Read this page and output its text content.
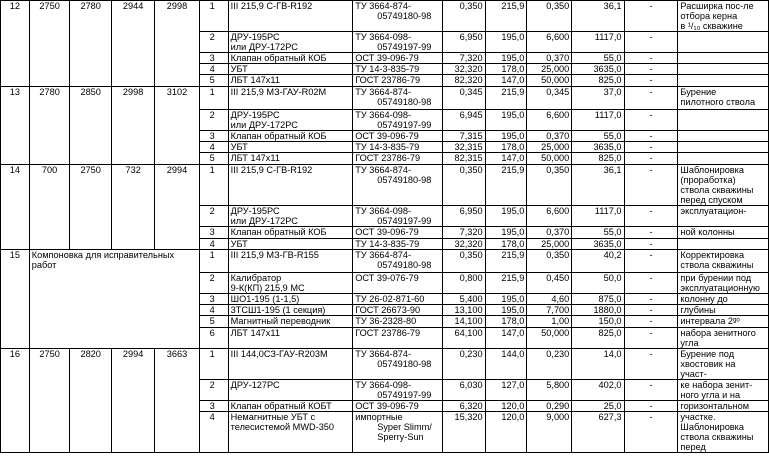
12	2750	2780	2944	2998	1	III 215,9 С-ГВ-R192	ТУ 3664-874-
05749180-98	0,350	215,9	0,350	36,1	-	Расширка пос-ле
отбора керна
в ¹/₁₀ скважине

					2	ДРУ-195РС
или ДРУ-172РС	ТУ 3664-098-
05749197-99	6,950	195,0	6,600	1117,0	-	
					3	Клапан обратный КОБ	ОСТ 39-096-79	7,320	195,0	0,370	55,0	-	
					4	УБТ	ТУ 14-3-835-79	32,320	178,0	25,000	3635,0	-	
					5	ЛБТ 147х11	ГОСТ 23786-79	82,320	147,0	50,000	825,0	-	
13	2780	2850	2998	3102	1	III 215,9 МЗ-ГАУ-R02М	ТУ 3664-874-
05749180-98	0,345	215,9	0,345	37,0	-	Бурение
пилотного ствола

					2	ДРУ-195РС
или ДРУ-172РС	ТУ 3664-098-
05749197-99	6,945	195,0	6,600	1117,0	-	
					3	Клапан обратный КОБ	ОСТ 39-096-79	7,315	195,0	0,370	55,0	-	
					4	УБТ	ТУ 14-3-835-79	32,315	178,0	25,000	3635,0	-	
					5	ЛБТ 147х11	ГОСТ 23786-79	82,315	147,0	50,000	825,0	-	
14	700	2750	732	2994	1	III 215,9 С-ГВ-R192	ТУ 3664-874-
05749180-98	0,350	215,9	0,350	36,1	-	Шаблонировка
(проработка)
ствола скважины
перед спуском

					2	ДРУ-195РС
или ДРУ-172РС	ТУ 3664-098-
05749197-99	6,950	195,0	6,600	1117,0	-	эксплуатацион-

					3	Клапан обратный КОБ	ОСТ 39-096-79	7,320	195,0	0,370	55,0	-	ной колонны

					4	УБТ	ТУ 14-3-835-79	32,320	178,0	25,000	3635,0	-	
15	Компоновка для исправительных работ				1	III 215,9 МЗ-ГВ-R155	ТУ 3664-874-
05749180-98	0,350	215,9	0,350	40,2	-	Корректировка
ствола скважины

					2	Калибратор
9-К(КП) 215,9 МС	ОСТ 39-076-79	0,800	215,9	0,450	50,0	-	при бурении под
эксплуатационную

					3	ШО1-195 (1-1,5)	ТУ 26-02-871-60	5,400	195,0	4,60	875,0	-	колонну до

					4	3ТСШ1-195 (1 секция)	ГОСТ 26673-90	13,100	195,0	7,700	1880,0	-	глубины

					5	Магнитный переводник	ТУ 36-2328-80	14,100	178,0	1,00	150,0	-	интервала 2ᵍᵒ

					6	ЛБТ 147х11	ГОСТ 23786-79	64,100	147,0	50,000	825,0	-	набора зенитного
угла

16	2750	2820	2994	3663	1	III 144,0СЗ-ГАУ-R203М	ТУ 3664-874-
05749180-98	0,230	144,0	0,230	14,0	-	Бурение под
хвостовик на
участ-

					2	ДРУ-127РС	ТУ 3664-098-
05749197-99	6,030	127,0	5,800	402,0	-	ке набора зенит-
ного угла и на

					3	Клапан обратный КОБТ	ОСТ 39-096-79	6,320	120,0	0,290	25,0	-	горизонтальном

					4	Немагнитные УБТ с
телесистемой MWD-350	импортные
Syper Slimm/
Sperry-Sun	15,320	120,0	9,000	627,3	-	участке.
Шаблонировка
ствола скважины
перед
